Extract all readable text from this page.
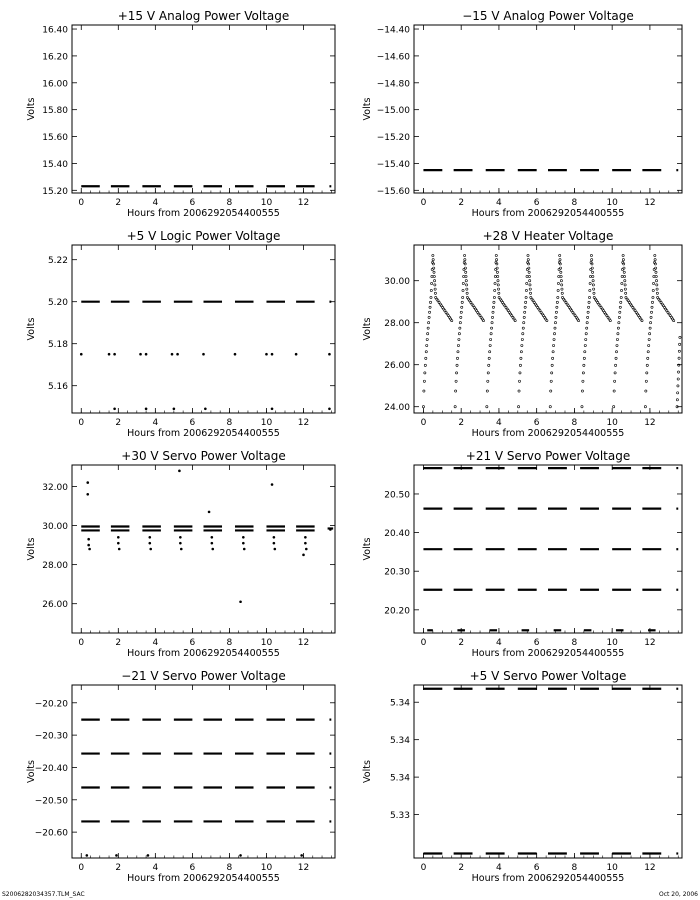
+15 V Analog Power Voltage
0	2	4	6	8	10	12
15.20
15.40
15.60
15.80
16.00
16.20
16.40
Hours from 2006292054400555
Volts
−15 V Analog Power Voltage
0	2	4	6	8	10	12
−15.60
−15.40
−15.20
−15.00
−14.80
−14.60
−14.40
Hours from 2006292054400555
Volts
+5 V Logic Power Voltage
0	2	4	6	8	10	12
5.16
5.18
5.20
5.22
Hours from 2006292054400555
Volts
+28 V Heater Voltage
0	2	4	6	8	10	12
24.00
26.00
28.00
30.00
Hours from 2006292054400555
Volts
+30 V Servo Power Voltage
0	2	4	6	8	10	12
26.00
28.00
30.00
32.00
Hours from 2006292054400555
Volts
+21 V Servo Power Voltage
0	2	4	6	8	10	12
20.20
20.30
20.40
20.50
Hours from 2006292054400555
Volts
−21 V Servo Power Voltage
0	2	4	6	8	10	12
−20.60
−20.50
−20.40
−20.30
−20.20
Hours from 2006292054400555
Volts
+5 V Servo Power Voltage
0	2	4	6	8	10	12
5.33
5.34
5.34
5.34
Hours from 2006292054400555
Volts
S2006282034357.TLM_SAC	Oct 20, 2006
